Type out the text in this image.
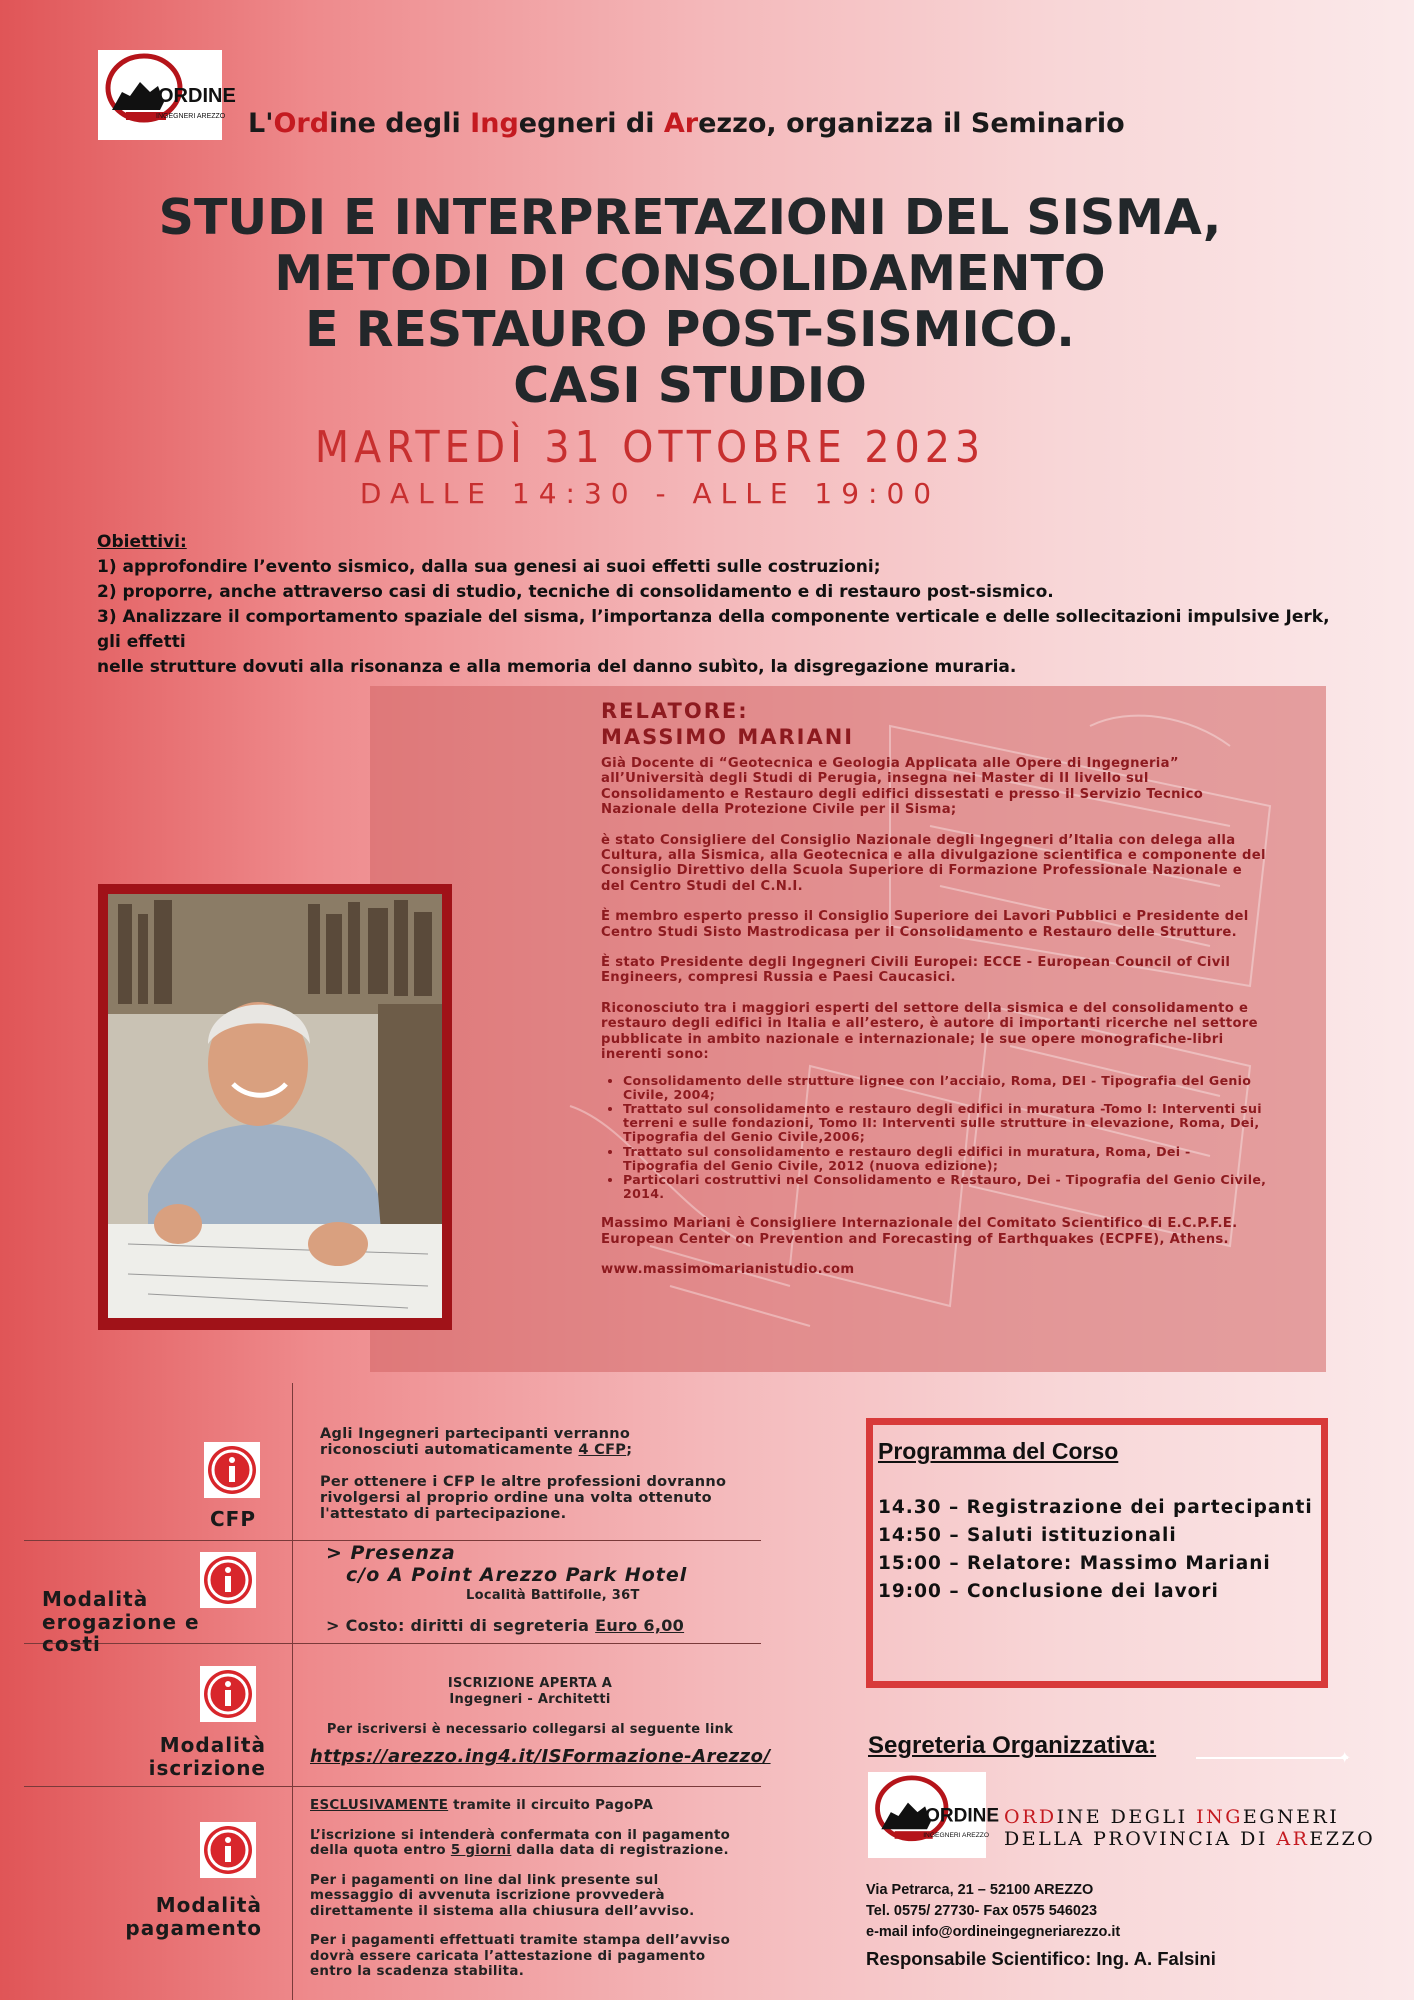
ORDINE
INGEGNERI AREZZO L'Ordine degli Ingegneri di Arezzo, organizza il Seminario
STUDI E INTERPRETAZIONI DEL SISMA,
METODI DI CONSOLIDAMENTO
E RESTAURO POST-SISMICO.
CASI STUDIO
MARTEDÌ 31 OTTOBRE 2023
DALLE 14:30 - ALLE 19:00
Obiettivi:
1) approfondire l’evento sismico, dalla sua genesi ai suoi effetti sulle costruzioni;
2) proporre, anche attraverso casi di studio, tecniche di consolidamento e di restauro post-sismico.
3) Analizzare il comportamento spaziale del sisma, l’importanza della componente verticale e delle sollecitazioni impulsive Jerk, gli effetti
nelle strutture dovuti alla risonanza e alla memoria del danno subìto, la disgregazione muraria.
RELATORE:
MASSIMO MARIANI

Già Docente di “Geotecnica e Geologia Applicata alle Opere di Ingegneria” all’Università degli Studi di Perugia, insegna nei Master di II livello sul Consolidamento e Restauro degli edifici dissestati e presso il Servizio Tecnico Nazionale della Protezione Civile per il Sisma;

è stato Consigliere del Consiglio Nazionale degli Ingegneri d’Italia con delega alla Cultura, alla Sismica, alla Geotecnica e alla divulgazione scientifica e componente del Consiglio Direttivo della Scuola Superiore di Formazione Professionale Nazionale e del Centro Studi del C.N.I.

È membro esperto presso il Consiglio Superiore dei Lavori Pubblici e Presidente del Centro Studi Sisto Mastrodicasa per il Consolidamento e Restauro delle Strutture.

È stato Presidente degli Ingegneri Civili Europei: ECCE - European Council of Civil Engineers, compresi Russia e Paesi Caucasici.

Riconosciuto tra i maggiori esperti del settore della sismica e del consolidamento e restauro degli edifici in Italia e all’estero, è autore di importanti ricerche nel settore pubblicate in ambito nazionale e internazionale; le sue opere monografiche-libri inerenti sono:

• Consolidamento delle strutture lignee con l’acciaio, Roma, DEI - Tipografia del Genio Civile, 2004;
• Trattato sul consolidamento e restauro degli edifici in muratura -Tomo I: Interventi sui terreni e sulle fondazioni, Tomo II: Interventi sulle strutture in elevazione, Roma, Dei, Tipografia del Genio Civile,2006;
• Trattato sul consolidamento e restauro degli edifici in muratura, Roma, Dei - Tipografia del Genio Civile, 2012 (nuova edizione);
• Particolari costruttivi nel Consolidamento e Restauro, Dei - Tipografia del Genio Civile, 2014.

Massimo Mariani è Consigliere Internazionale del Comitato Scientifico di E.C.P.F.E. European Center on Prevention and Forecasting of Earthquakes (ECPFE), Athens.

www.massimomarianistudio.com

CFP
Agli Ingegneri partecipanti verranno
riconosciuti automaticamente 4 CFP;
Per ottenere i CFP le altre professioni dovranno
rivolgersi al proprio ordine una volta ottenuto
l'attestato di partecipazione.
Modalità
erogazione e costi
> Presenza
c/o A Point Arezzo Park Hotel
Località Battifolle, 36T
> Costo: diritti di segreteria Euro 6,00
Modalità
iscrizione
ISCRIZIONE APERTA A
Ingegneri - Architetti
Per iscriversi è necessario collegarsi al seguente link
https://arezzo.ing4.it/ISFormazione-Arezzo/
Modalità
pagamento
ESCLUSIVAMENTE tramite il circuito PagoPA
L’iscrizione si intenderà confermata con il pagamento
della quota entro 5 giorni dalla data di registrazione.
Per i pagamenti on line dal link presente sul
messaggio di avvenuta iscrizione provvederà
direttamente il sistema alla chiusura dell’avviso.
Per i pagamenti effettuati tramite stampa dell’avviso
dovrà essere caricata l’attestazione di pagamento
entro la scadenza stabilita.
Programma del Corso
14.30 – Registrazione dei partecipanti
14:50 – Saluti istituzionali
15:00 – Relatore: Massimo Mariani
19:00 – Conclusione dei lavori
Segreteria Organizzativa:	✦
ORDINE
INGEGNERI AREZZO
ORDINE DEGLI INGEGNERI
DELLA PROVINCIA DI AREZZO
Via Petrarca, 21 – 52100 AREZZO
Tel. 0575/ 27730- Fax 0575 546023
e-mail info@ordineingegneriarezzo.it
Responsabile Scientifico: Ing. A. Falsini
